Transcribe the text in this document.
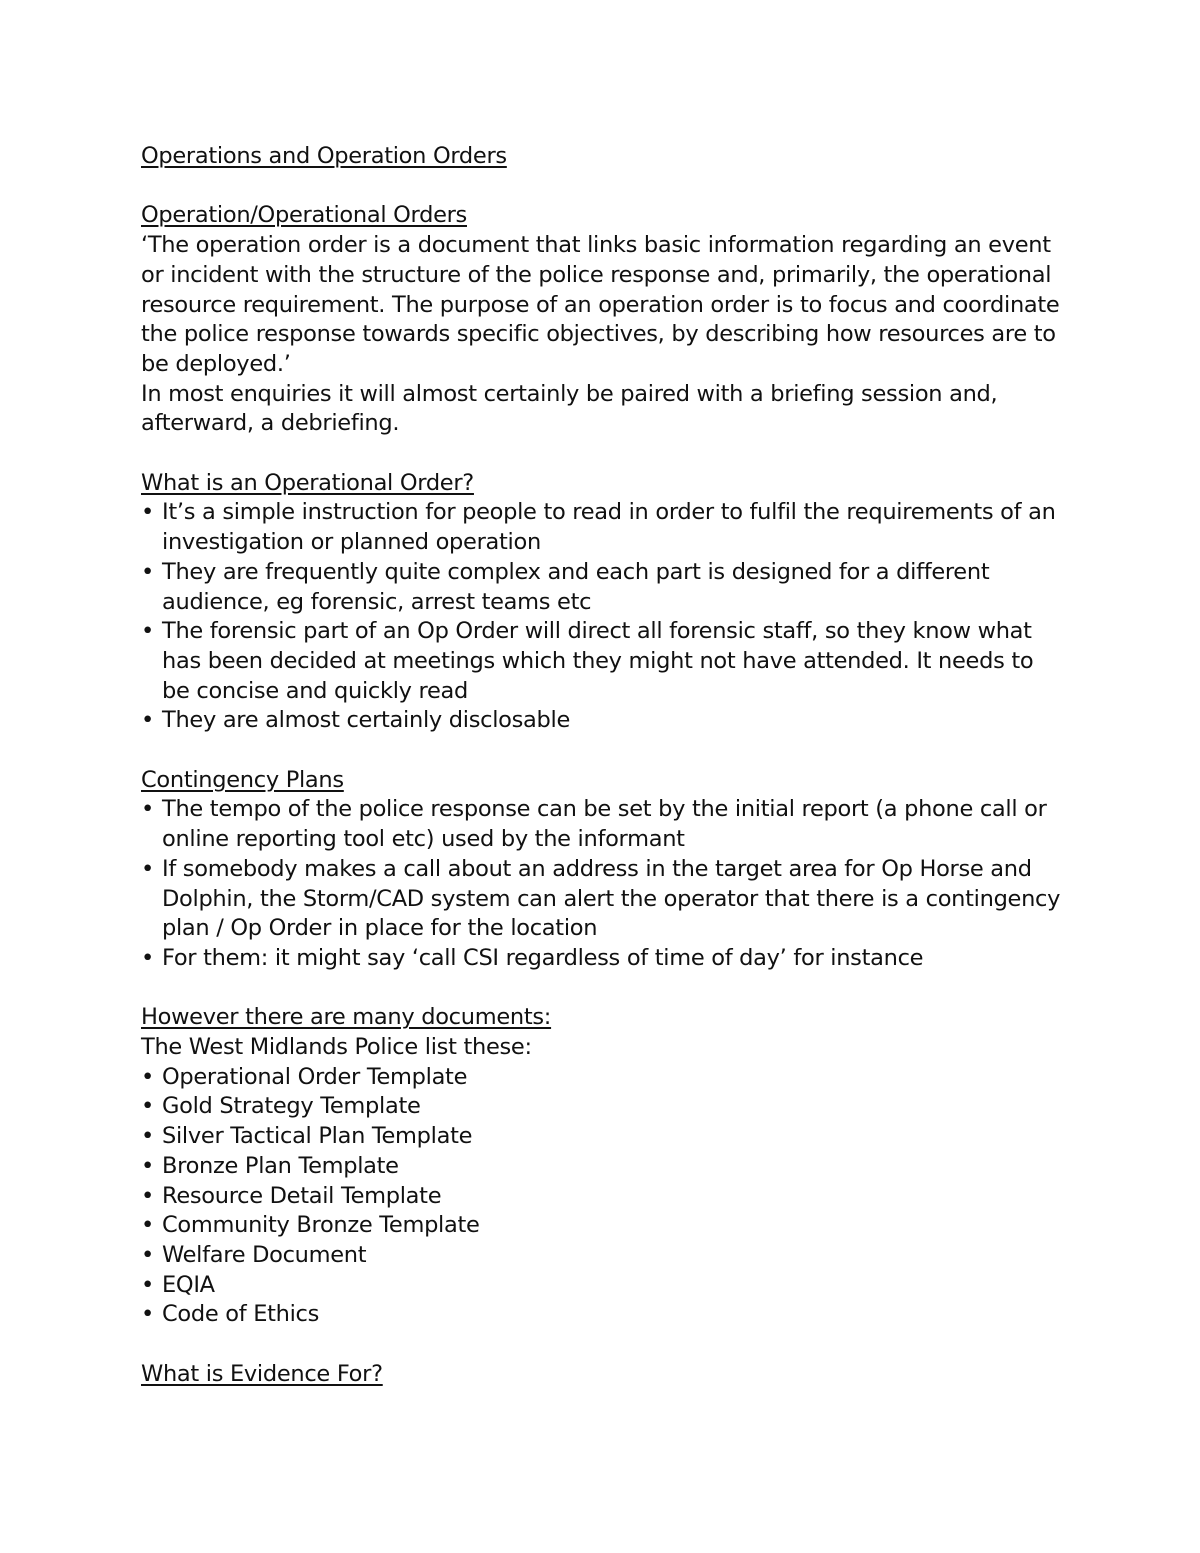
Operations and Operation Orders

Operation/Operational Orders

‘The operation order is a document that links basic information regarding an event or incident with the structure of the police response and, primarily, the operational resource requirement. The purpose of an operation order is to focus and coordinate the police response towards specific objectives, by describing how resources are to be deployed.’

In most enquiries it will almost certainly be paired with a briefing session and, afterward, a debriefing.

What is an Operational Order?

• It’s a simple instruction for people to read in order to fulfil the requirements of an investigation or planned operation
• They are frequently quite complex and each part is designed for a different audience, eg forensic, arrest teams etc
• The forensic part of an Op Order will direct all forensic staff, so they know what has been decided at meetings which they might not have attended. It needs to be concise and quickly read
• They are almost certainly disclosable

Contingency Plans

• The tempo of the police response can be set by the initial report (a phone call or online reporting tool etc) used by the informant
• If somebody makes a call about an address in the target area for Op Horse and Dolphin, the Storm/CAD system can alert the operator that there is a contingency plan / Op Order in place for the location
• For them: it might say ‘call CSI regardless of time of day’ for instance

However there are many documents:

The West Midlands Police list these:

• Operational Order Template
• Gold Strategy Template
• Silver Tactical Plan Template
• Bronze Plan Template
• Resource Detail Template
• Community Bronze Template
• Welfare Document
• EQIA
• Code of Ethics

What is Evidence For?
